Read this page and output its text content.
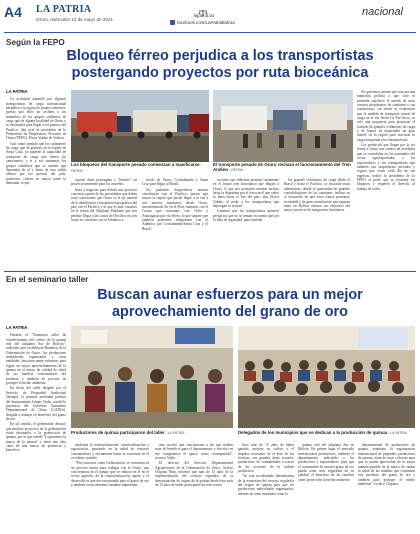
A4 LA PATRIA
Oruro, miércoles 12 de mayo de 2021
lapatria.bo
facebook.com/LaPatriaBolivia
nacional
Según la FEPO
Bloqueo férreo perjudica a los transportistas
postergando proyectos por ruta bioceánica
LA PATRIA

La actividad asumida por algunos transportistas de carga internacional perjudica a la región de propios intereses, puesto que ellos no reciben a los miembros de los grupos solidarios de carga que de alguna localidad de Oruro y se declarados para llegar a los puertos del Pacífico, dijo ayer la presidenta de la Federación de Empresarios Privados de Oruro (FEPO), Elvira Valdez de Velasco.

Citó como ejemplo que los volúmenes de carga que se generan en la región de Santa Cruz, ya superan la capacidad de transporte de carga que tienen los camioneros, y si a eso sumamos los grupos solidarios que se sienten que dependen de el y hasta de una salida alterna por los puertos del país, poderosos cobren en mayor parte la demanda, lo que

Los bloqueos del transporte pesado comienzan a masificarse / PATRIA
El transporte pesado de Oruro rechaza el funcionamiento del Tren Andino / PATRIA

supone dejar postergado y "tenedor" un proyecto tremendo para los orureños.

Instó a negociar para definir una posición concreta a partir de las autoridades que deben estar conscientes que Oruro es el eje natural de la distribución e integración geográfica del país con el Pacífico y lo que es más, estamos en el centro del Altiplano Marítimo que nos permite llegar a las costas del Pacífico en seis horas en conexión con el Atlántico a

través de Oruro, Cochabamba y Santa Cruz para llegar al Brasil.

No podemos desperdiciar nuestra vinculación con el Pacífico, puesto que somos la región que puede llegar a la vez a tres puertos marítimos desde Oruro, incrementando Ilo en el Perú, mientras con el Cuarto que contamos con Chile y Antofagasta por vía férrea, lo que supone que también podremos integrarnos con el Atlántico por Cochabamba-Santa Cruz y el Brasil.

acciones que deberían permitir seriamente en el futuro tren bioceánico que llegará a Oruro, lo que nos permitirá avanzar incluso hasta la Argentina por el ferrocarril que cubre la línea hacia el Sur del país, dijo Elvira Valdez, al pedir a los transportistas que depongan su actitud.

Lamentó que los transportistas generen perjuicios que no se toman en cuenta que por la falta de seguridad, para traslado

los grandes volúmenes de carga desde el Brasil y hasta el Pacífico, se buscarán rutas alternativas, donde se generarían las grandes consolidaciones de los camiones, incluso en el desarrollo de una zona franca portuaria, sostenible y de gran contribución que esperan tener en Bolivia alcance sus objetivos del mayor proyecto de integración bioceánica.

No queremos pensar que esta sea una maniobra política o que solo se pretenda satisfacer el interés de unos cuantos propietarios de camiones y sus conductores, sin medir su evaluación que la medida de transporte inicial de carga en la vía férrea La Paz-Arica, es solo una propuesta para proyectar el traslado de grandes volúmenes de carga y de bienes ha despertado un gran interés en la región para reactivar la carga asegurada a los transportistas.

Los productos que llegan por la vía férrea a Oruro son cientos de toneladas que se consolidan en las terminales del sector agroexportador, a los exportadores y los transportistas que también son empresarios privados y seguro que viven cada día de sus ingresos, indicó la presidenta de la FEPO al pedir que se levanten los bloqueos y respeten el derecho al trabajo de todos.

En el seminario taller
Buscan aunar esfuerzos para un mejor
aprovechamiento del grano de oro
LA PATRIA

Durante el "Seminario taller de fortalecimiento del cultivo de la quinua real del altiplano Sur de Bolivia", realizado ayer en Salón de Banderas de la Gobernación de Oruro, los productores individuales organizados y otras entidades, buscaron aunar esfuerzos para lograr un mejor aprovechamiento de la quinua en el marco de calidad de salud de las familias consumidoras del producto y también en procura de proteger el medio ambiente.

En dicho del taller dirigido por el Servicio de Propiedad Intelectual (Senapi), la primera autoridad política del departamento Johnny Vedia, resaltó la presencia del Gobierno Autónomo Departamental de Oruro (GADOr), dirigida a trabajar en beneficio del grano de oro.

En tal sentido, el gobernador destacó que muchos proyectos de la gobernación están destinados a la producción de quinua, por lo que señaló "Lograremos la marca de la quinua" y tener una idea clara de una marca de presencia y beneficio

Productores de quinua participaron del taller / LA PATRIA	Delegados de los municipios que se dedican a la producción de quinua / LA PATRIA

mediante la industrialización, comercialización y exportación, pensando en la salud de nuestros consumidores y obviamente tratar la economía en el occidente orureño.

"Pero nosotros como Gobernación, se comienza en un proceso nuevo para trabajar con la Oruro, que concretamos en el trabajo que se elabora en él en el sector agrícola, de la comercialización, aporte y el desarrollo es que nos encomendó para el grano de oro y también en un elemento bastante importante,

sino recalcó que conclusiones a las que arriben sean de beneficio para el departamento y efectivo en ese compromiso el apoyo como contrapartida", sostuvo Vedia.

El director del Servicio Departamental Agropecuario de la Gobernación de Oruro, Severo Chipana Niña, informó que más de 15 años de la implementación del concejo regulador de la denominación de origen de la quinua desde hace más de 15 años de haber participado en este evento

hace más de 15 años de haber ganado, mejorar su cultivo y el impulso necesario en el área de las técnicas, sus grandes áreas sociales, productivas de comunidades a través de las acciones de la cadena productiva.

"Se está socializando lineamientos de la normativa del concejo regulador del origen de quinua para que los productores individuales organizados, además de otras entidades como la

quinua real del altiplano Sur de Bolivia. En primer lugar el mercado internacional productores, también el departamento, indicando a los productores y exportadores, para que el consumidor de nuestro grano de oro pueda tener más seguridad de su calidad, el beneficio de las familias como protección al medio ambiente.

departamental de productores de quinua, asimismo la organización internacional de pequeños productores de quinua, tiene de estar volverán para que se pueda aprovechar de la mejor manera posible en el marco de cuidar la salud de las familias que consumen este producto del grano de oro y también para proteger el medio ambiente", recalcó Chipana.
